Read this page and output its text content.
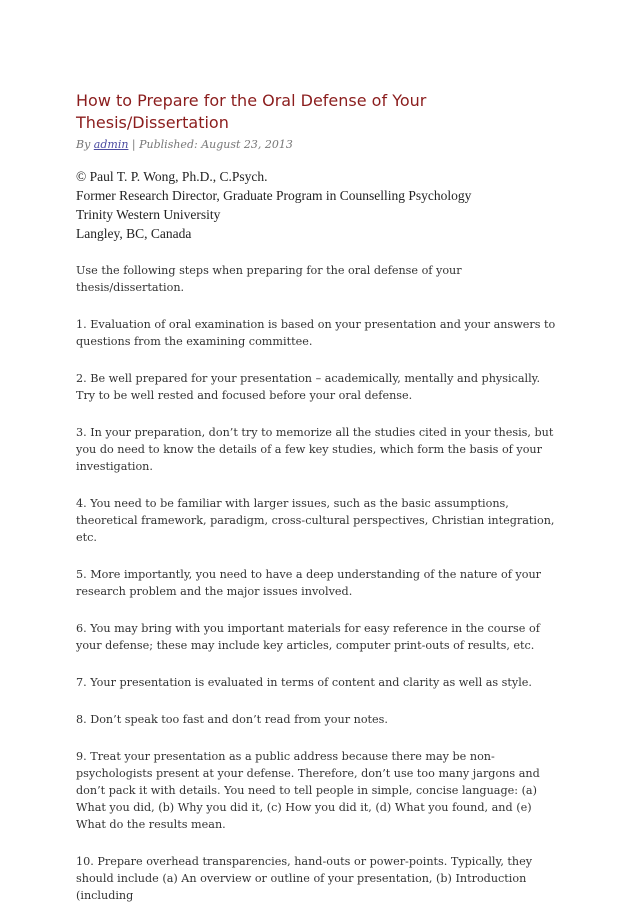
How to Prepare for the Oral Defense of Your Thesis/Dissertation
By admin | Published: August 23, 2013
© Paul T. P. Wong, Ph.D., C.Psych.
Former Research Director, Graduate Program in Counselling Psychology
Trinity Western University
Langley, BC, Canada

Use the following steps when preparing for the oral defense of your thesis/dissertation.

1. Evaluation of oral examination is based on your presentation and your answers to questions from the examining committee.

2. Be well prepared for your presentation – academically, mentally and physically. Try to be well rested and focused before your oral defense.

3. In your preparation, don’t try to memorize all the studies cited in your thesis, but you do need to know the details of a few key studies, which form the basis of your investigation.

4. You need to be familiar with larger issues, such as the basic assumptions, theoretical framework, paradigm, cross-cultural perspectives, Christian integration, etc.

5. More importantly, you need to have a deep understanding of the nature of your research problem and the major issues involved.

6. You may bring with you important materials for easy reference in the course of your defense; these may include key articles, computer print-outs of results, etc.

7. Your presentation is evaluated in terms of content and clarity as well as style.

8. Don’t speak too fast and don’t read from your notes.

9. Treat your presentation as a public address because there may be non-psychologists present at your defense. Therefore, don’t use too many jargons and don’t pack it with details. You need to tell people in simple, concise language: (a) What you did, (b) Why you did it, (c) How you did it, (d) What you found, and (e) What do the results mean.

10. Prepare overhead transparencies, hand-outs or power-points. Typically, they should include (a) An overview or outline of your presentation, (b) Introduction (including
